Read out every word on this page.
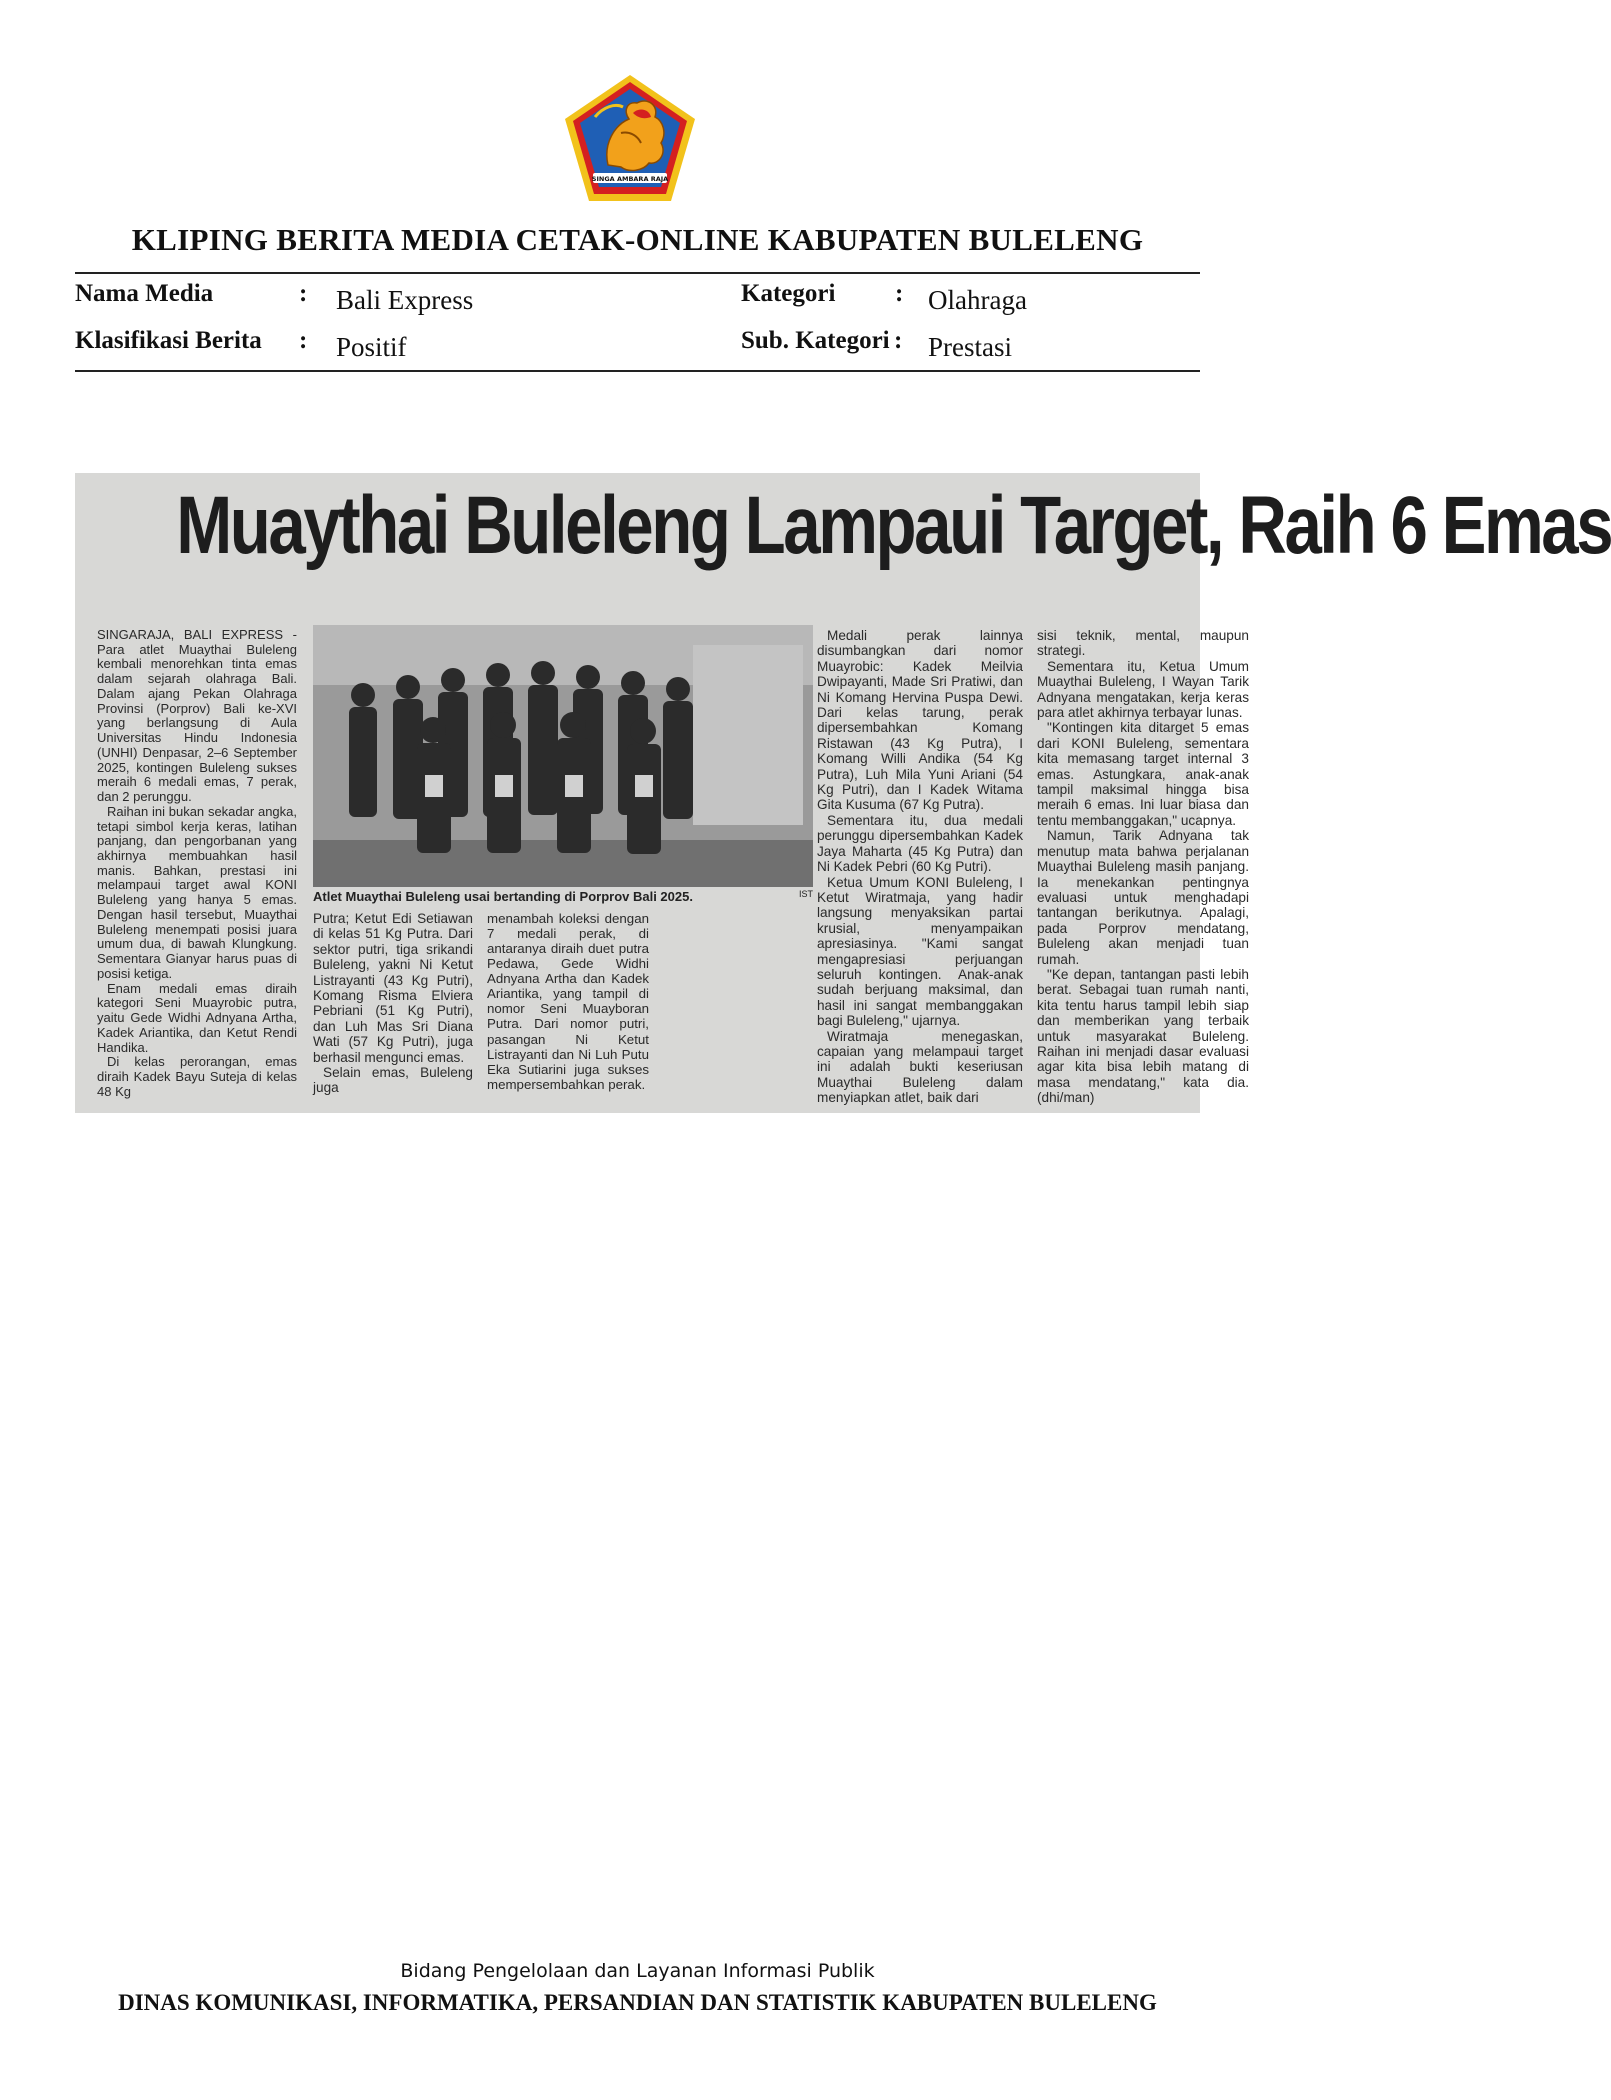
SINGA AMBARA RAJA
KLIPING BERITA MEDIA CETAK-ONLINE KABUPATEN BULELENG
Nama Media	: Bali Express	Kategori : Olahraga
Klasifikasi Berita : Positif	Sub. Kategori : Prestasi
Muaythai Buleleng Lampaui Target, Raih 6 Emas

SINGARAJA, BALI EXPRESS - Para atlet Muaythai Buleleng kembali menorehkan tinta emas dalam sejarah olahraga Bali. Dalam ajang Pekan Olahraga Provinsi (Porprov) Bali ke-XVI yang berlangsung di Aula Universitas Hindu Indonesia (UNHI) Denpasar, 2–6 September 2025, kontingen Buleleng sukses meraih 6 medali emas, 7 perak, dan 2 perunggu.

Raihan ini bukan sekadar angka, tetapi simbol kerja keras, latihan panjang, dan pengorbanan yang akhirnya membuahkan hasil manis. Bahkan, prestasi ini melampaui target awal KONI Buleleng yang hanya 5 emas. Dengan hasil tersebut, Muaythai Buleleng menempati posisi juara umum dua, di bawah Klungkung. Sementara Gianyar harus puas di posisi ketiga.

Enam medali emas diraih kategori Seni Muayrobic putra, yaitu Gede Widhi Adnyana Artha, Kadek Ariantika, dan Ketut Rendi Handika.

Di kelas perorangan, emas diraih Kadek Bayu Suteja di kelas 48 Kg

Atlet Muaythai Buleleng usai bertanding di Porprov Bali 2025.	IST

Putra; Ketut Edi Setiawan di kelas 51 Kg Putra. Dari sektor putri, tiga srikandi Buleleng, yakni Ni Ketut Listrayanti (43 Kg Putri), Komang Risma Elviera Pebriani (51 Kg Putri), dan Luh Mas Sri Diana Wati (57 Kg Putri), juga berhasil mengunci emas.

Selain emas, Buleleng juga

menambah koleksi dengan 7 medali perak, di antaranya diraih duet putra Pedawa, Gede Widhi Adnyana Artha dan Kadek Ariantika, yang tampil di nomor Seni Muayboran Putra. Dari nomor putri, pasangan Ni Ketut Listrayanti dan Ni Luh Putu Eka Sutiarini juga sukses mempersembahkan perak.

Medali perak lainnya disumbangkan dari nomor Muayrobic: Kadek Meilvia Dwipayanti, Made Sri Pratiwi, dan Ni Komang Hervina Puspa Dewi. Dari kelas tarung, perak dipersembahkan Komang Ristawan (43 Kg Putra), I Komang Willi Andika (54 Kg Putra), Luh Mila Yuni Ariani (54 Kg Putri), dan I Kadek Witama Gita Kusuma (67 Kg Putra).

Sementara itu, dua medali perunggu dipersembahkan Kadek Jaya Maharta (45 Kg Putra) dan Ni Kadek Pebri (60 Kg Putri).

Ketua Umum KONI Buleleng, I Ketut Wiratmaja, yang hadir langsung menyaksikan partai krusial, menyampaikan apresiasinya. "Kami sangat mengapresiasi perjuangan seluruh kontingen. Anak-anak sudah berjuang maksimal, dan hasil ini sangat membanggakan bagi Buleleng," ujarnya.

Wiratmaja menegaskan, capaian yang melampaui target ini adalah bukti keseriusan Muaythai Buleleng dalam menyiapkan atlet, baik dari

sisi teknik, mental, maupun strategi.

Sementara itu, Ketua Umum Muaythai Buleleng, I Wayan Tarik Adnyana mengatakan, kerja keras para atlet akhirnya terbayar lunas.

"Kontingen kita ditarget 5 emas dari KONI Buleleng, sementara kita memasang target internal 3 emas. Astungkara, anak-anak tampil maksimal hingga bisa meraih 6 emas. Ini luar biasa dan tentu membanggakan," ucapnya.

Namun, Tarik Adnyana tak menutup mata bahwa perjalanan Muaythai Buleleng masih panjang. Ia menekankan pentingnya evaluasi untuk menghadapi tantangan berikutnya. Apalagi, pada Porprov mendatang, Buleleng akan menjadi tuan rumah.

"Ke depan, tantangan pasti lebih berat. Sebagai tuan rumah nanti, kita tentu harus tampil lebih siap dan memberikan yang terbaik untuk masyarakat Buleleng. Raihan ini menjadi dasar evaluasi agar kita bisa lebih matang di masa mendatang," kata dia. (dhi/man)

Bidang Pengelolaan dan Layanan Informasi Publik
DINAS KOMUNIKASI, INFORMATIKA, PERSANDIAN DAN STATISTIK KABUPATEN BULELENG
